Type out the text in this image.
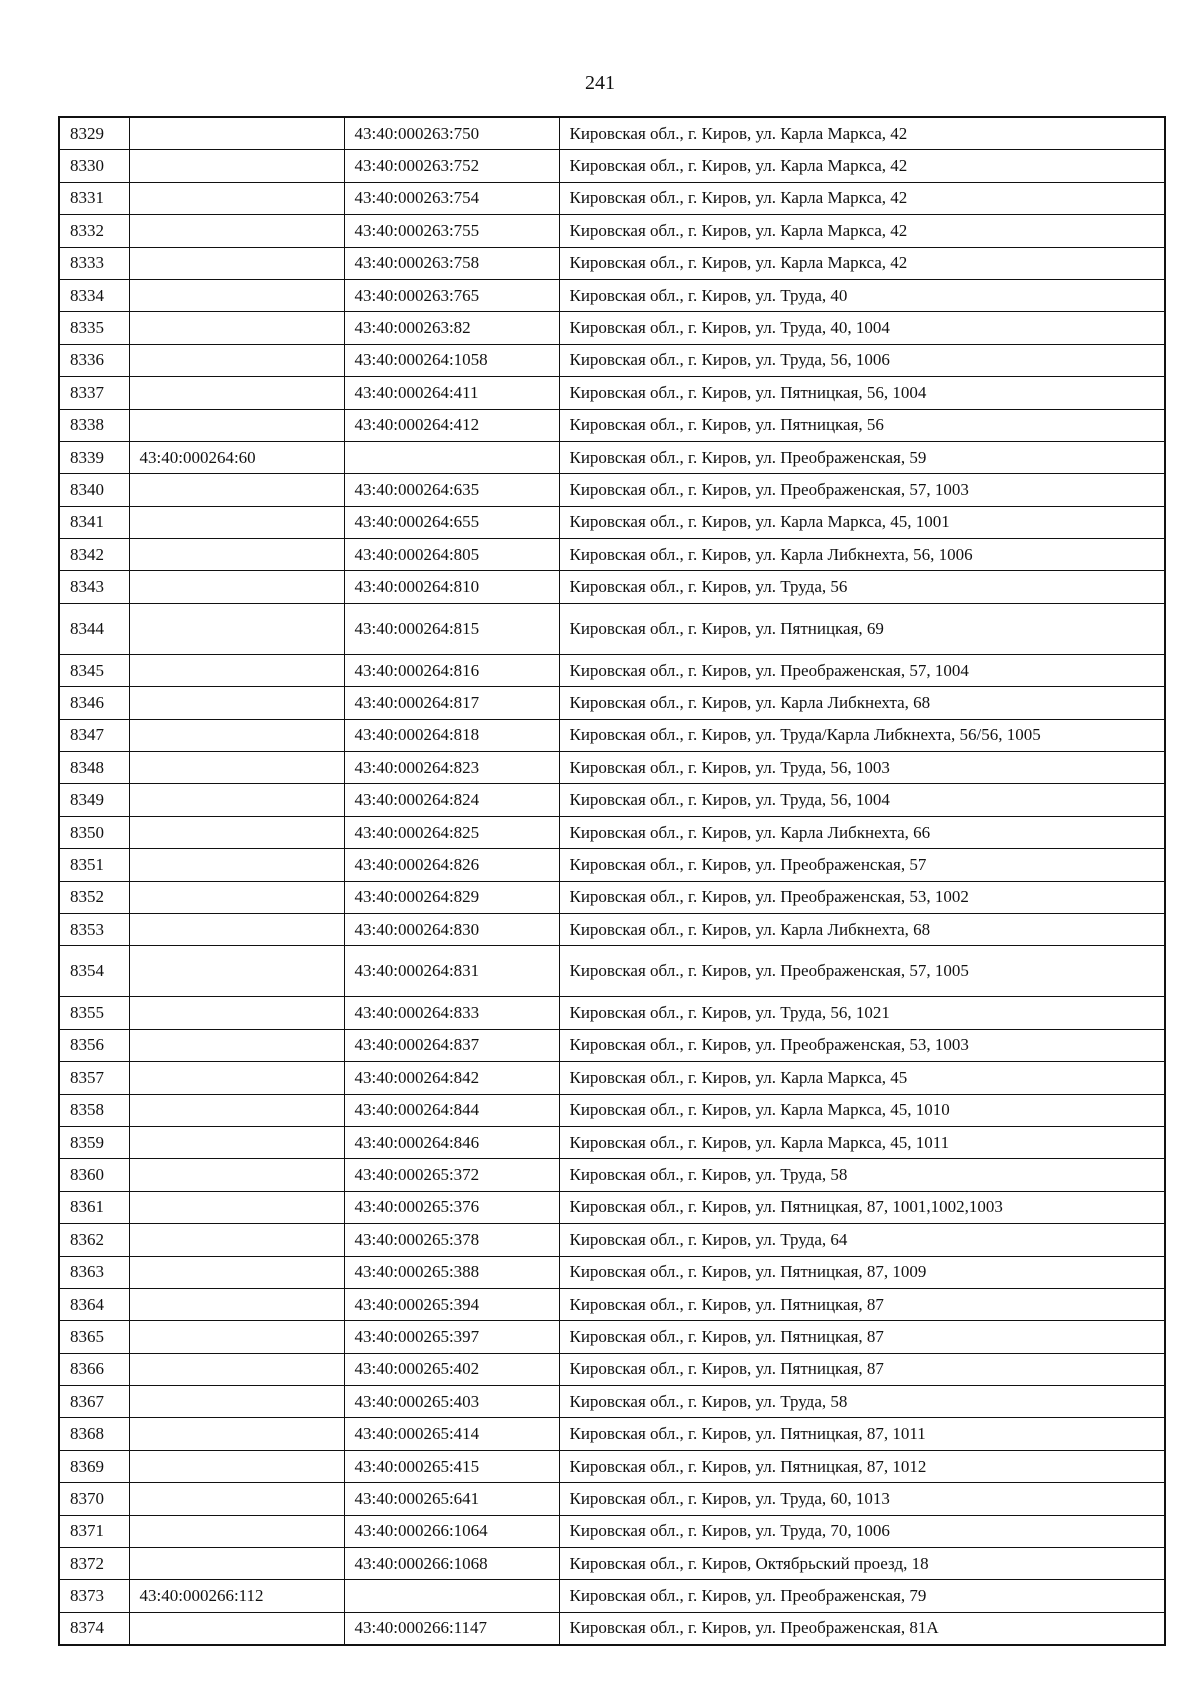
241
8329		43:40:000263:750	Кировская обл., г. Киров, ул. Карла Маркса, 42
8330		43:40:000263:752	Кировская обл., г. Киров, ул. Карла Маркса, 42
8331		43:40:000263:754	Кировская обл., г. Киров, ул. Карла Маркса, 42
8332		43:40:000263:755	Кировская обл., г. Киров, ул. Карла Маркса, 42
8333		43:40:000263:758	Кировская обл., г. Киров, ул. Карла Маркса, 42
8334		43:40:000263:765	Кировская обл., г. Киров, ул. Труда, 40
8335		43:40:000263:82	Кировская обл., г. Киров, ул. Труда, 40, 1004
8336		43:40:000264:1058	Кировская обл., г. Киров, ул. Труда, 56, 1006
8337		43:40:000264:411	Кировская обл., г. Киров, ул. Пятницкая, 56, 1004
8338		43:40:000264:412	Кировская обл., г. Киров, ул. Пятницкая, 56
8339	43:40:000264:60		Кировская обл., г. Киров, ул. Преображенская, 59
8340		43:40:000264:635	Кировская обл., г. Киров, ул. Преображенская, 57, 1003
8341		43:40:000264:655	Кировская обл., г. Киров, ул. Карла Маркса, 45, 1001
8342		43:40:000264:805	Кировская обл., г. Киров, ул. Карла Либкнехта, 56, 1006
8343		43:40:000264:810	Кировская обл., г. Киров, ул. Труда, 56
8344		43:40:000264:815	Кировская обл., г. Киров, ул. Пятницкая, 69
8345		43:40:000264:816	Кировская обл., г. Киров, ул. Преображенская, 57, 1004
8346		43:40:000264:817	Кировская обл., г. Киров, ул. Карла Либкнехта, 68
8347		43:40:000264:818	Кировская обл., г. Киров, ул. Труда/Карла Либкнехта, 56/56, 1005
8348		43:40:000264:823	Кировская обл., г. Киров, ул. Труда, 56, 1003
8349		43:40:000264:824	Кировская обл., г. Киров, ул. Труда, 56, 1004
8350		43:40:000264:825	Кировская обл., г. Киров, ул. Карла Либкнехта, 66
8351		43:40:000264:826	Кировская обл., г. Киров, ул. Преображенская, 57
8352		43:40:000264:829	Кировская обл., г. Киров, ул. Преображенская, 53, 1002
8353		43:40:000264:830	Кировская обл., г. Киров, ул. Карла Либкнехта, 68
8354		43:40:000264:831	Кировская обл., г. Киров, ул. Преображенская, 57, 1005
8355		43:40:000264:833	Кировская обл., г. Киров, ул. Труда, 56, 1021
8356		43:40:000264:837	Кировская обл., г. Киров, ул. Преображенская, 53, 1003
8357		43:40:000264:842	Кировская обл., г. Киров, ул. Карла Маркса, 45
8358		43:40:000264:844	Кировская обл., г. Киров, ул. Карла Маркса, 45, 1010
8359		43:40:000264:846	Кировская обл., г. Киров, ул. Карла Маркса, 45, 1011
8360		43:40:000265:372	Кировская обл., г. Киров, ул. Труда, 58
8361		43:40:000265:376	Кировская обл., г. Киров, ул. Пятницкая, 87, 1001,1002,1003
8362		43:40:000265:378	Кировская обл., г. Киров, ул. Труда, 64
8363		43:40:000265:388	Кировская обл., г. Киров, ул. Пятницкая, 87, 1009
8364		43:40:000265:394	Кировская обл., г. Киров, ул. Пятницкая, 87
8365		43:40:000265:397	Кировская обл., г. Киров, ул. Пятницкая, 87
8366		43:40:000265:402	Кировская обл., г. Киров, ул. Пятницкая, 87
8367		43:40:000265:403	Кировская обл., г. Киров, ул. Труда, 58
8368		43:40:000265:414	Кировская обл., г. Киров, ул. Пятницкая, 87, 1011
8369		43:40:000265:415	Кировская обл., г. Киров, ул. Пятницкая, 87, 1012
8370		43:40:000265:641	Кировская обл., г. Киров, ул. Труда, 60, 1013
8371		43:40:000266:1064	Кировская обл., г. Киров, ул. Труда, 70, 1006
8372		43:40:000266:1068	Кировская обл., г. Киров, Октябрьский проезд, 18
8373	43:40:000266:112		Кировская обл., г. Киров, ул. Преображенская, 79
8374		43:40:000266:1147	Кировская обл., г. Киров, ул. Преображенская, 81А
